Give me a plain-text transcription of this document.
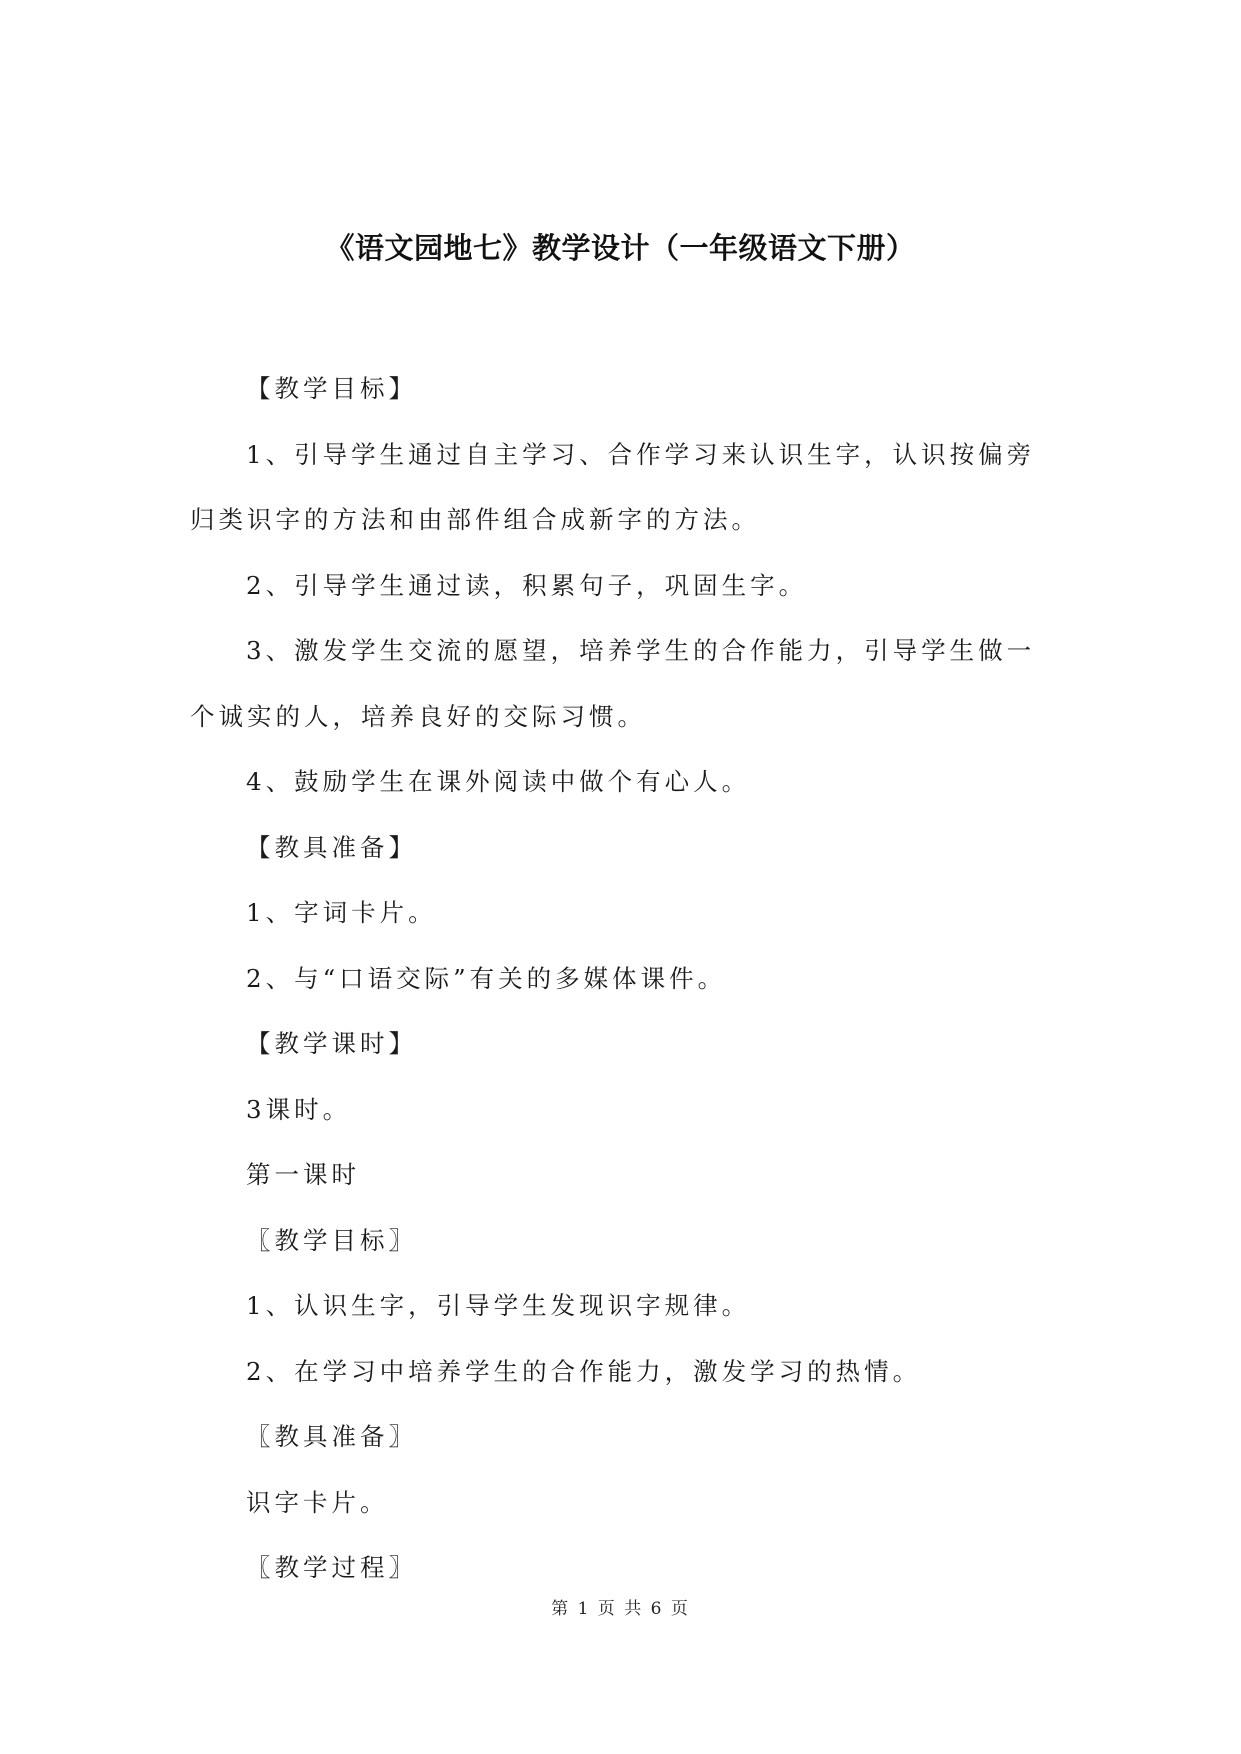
《语文园地七》教学设计（一年级语文下册）

【教学目标】

1、引导学生通过自主学习、合作学习来认识生字，认识按偏旁归类识字的方法和由部件组合成新字的方法。

2、引导学生通过读，积累句子，巩固生字。

3、激发学生交流的愿望，培养学生的合作能力，引导学生做一个诚实的人，培养良好的交际习惯。

4、鼓励学生在课外阅读中做个有心人。

【教具准备】

1、字词卡片。

2、与“口语交际”有关的多媒体课件。

【教学课时】

3课时。

第一课时

〖教学目标〗

1、认识生字，引导学生发现识字规律。

2、在学习中培养学生的合作能力，激发学习的热情。

〖教具准备〗

识字卡片。

〖教学过程〗

第 1 页 共 6 页
